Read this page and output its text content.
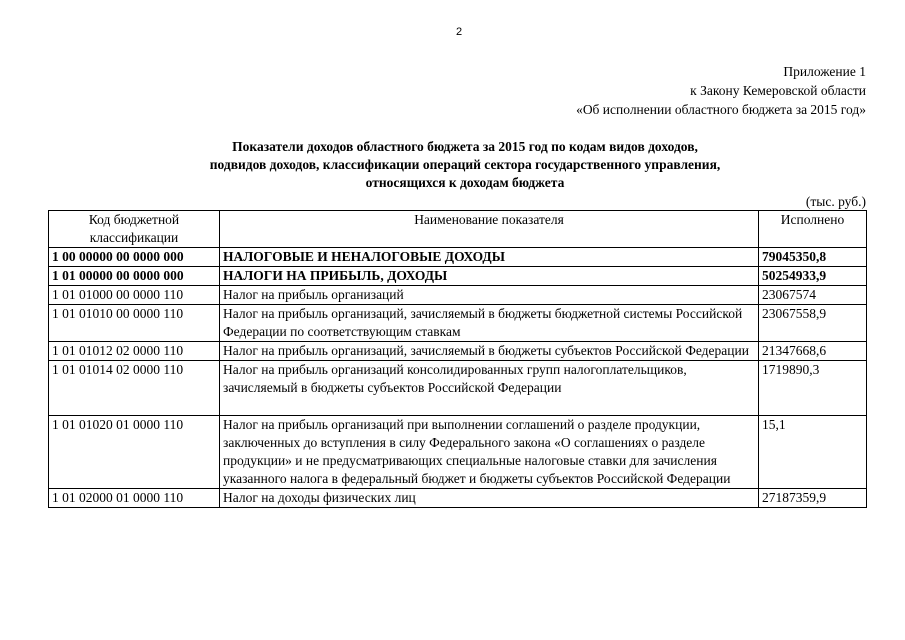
2
Приложение 1
к Закону Кемеровской области
«Об исполнении областного бюджета за 2015 год»
Показатели доходов областного бюджета за 2015 год по кодам видов доходов,
подвидов доходов, классификации операций сектора государственного управления,
относящихся к доходам бюджета
(тыс. руб.)
Код бюджетной классификации	Наименование показателя	Исполнено
1 00 00000 00 0000 000	НАЛОГОВЫЕ И НЕНАЛОГОВЫЕ ДОХОДЫ	79045350,8
1 01 00000 00 0000 000	НАЛОГИ НА ПРИБЫЛЬ, ДОХОДЫ	50254933,9
1 01 01000 00 0000 110	Налог на прибыль организаций	23067574
1 01 01010 00 0000 110	Налог на прибыль организаций, зачисляемый в бюджеты бюджетной системы Российской Федерации по соответствующим ставкам	23067558,9
1 01 01012 02 0000 110	Налог на прибыль организаций, зачисляемый в бюджеты субъектов Российской Федерации	21347668,6
1 01 01014 02 0000 110	Налог на прибыль организаций консолидированных групп налогоплательщиков, зачисляемый в бюджеты субъектов Российской Федерации	1719890,3
1 01 01020 01 0000 110	Налог на прибыль организаций при выполнении соглашений о разделе продукции, заключенных до вступления в силу Федерального закона «О соглашениях о разделе продукции» и не предусматривающих специальные налоговые ставки для зачисления указанного налога в федеральный бюджет и бюджеты субъектов Российской Федерации	15,1
1 01 02000 01 0000 110	Налог на доходы физических лиц	27187359,9
